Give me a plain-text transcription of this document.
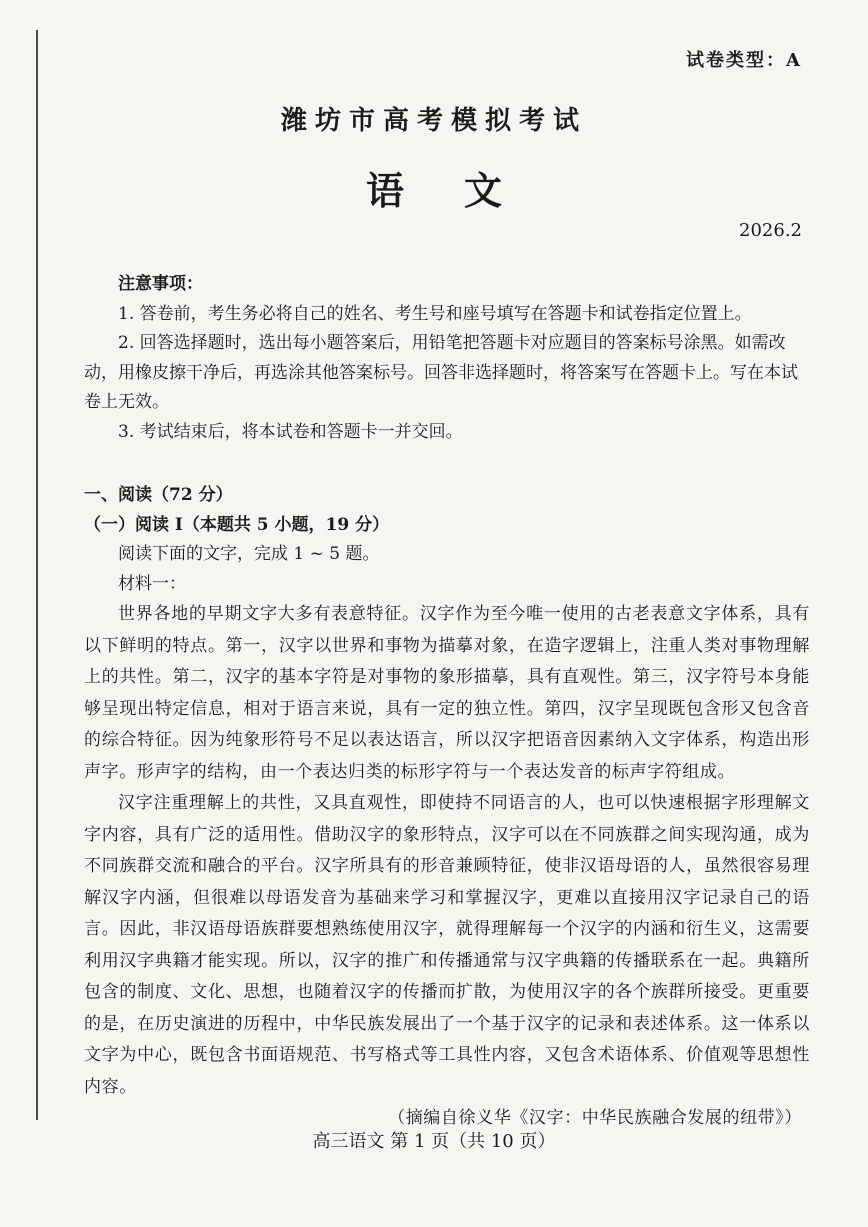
试卷类型：A
潍坊市高考模拟考试
语文
2026.2

注意事项：

1. 答卷前，考生务必将自己的姓名、考生号和座号填写在答题卡和试卷指定位置上。

2. 回答选择题时，选出每小题答案后，用铅笔把答题卡对应题目的答案标号涂黑。如需改动，用橡皮擦干净后，再选涂其他答案标号。回答非选择题时，将答案写在答题卡上。写在本试卷上无效。

3. 考试结束后，将本试卷和答题卡一并交回。

一、阅读（72 分）

（一）阅读 I（本题共 5 小题，19 分）

阅读下面的文字，完成 1 ~ 5 题。

材料一：

世界各地的早期文字大多有表意特征。汉字作为至今唯一使用的古老表意文字体系，具有以下鲜明的特点。第一，汉字以世界和事物为描摹对象，在造字逻辑上，注重人类对事物理解上的共性。第二，汉字的基本字符是对事物的象形描摹，具有直观性。第三，汉字符号本身能够呈现出特定信息，相对于语言来说，具有一定的独立性。第四，汉字呈现既包含形又包含音的综合特征。因为纯象形符号不足以表达语言，所以汉字把语音因素纳入文字体系，构造出形声字。形声字的结构，由一个表达归类的标形字符与一个表达发音的标声字符组成。

汉字注重理解上的共性，又具直观性，即使持不同语言的人，也可以快速根据字形理解文字内容，具有广泛的适用性。借助汉字的象形特点，汉字可以在不同族群之间实现沟通，成为不同族群交流和融合的平台。汉字所具有的形音兼顾特征，使非汉语母语的人，虽然很容易理解汉字内涵，但很难以母语发音为基础来学习和掌握汉字，更难以直接用汉字记录自己的语言。因此，非汉语母语族群要想熟练使用汉字，就得理解每一个汉字的内涵和衍生义，这需要利用汉字典籍才能实现。所以，汉字的推广和传播通常与汉字典籍的传播联系在一起。典籍所包含的制度、文化、思想，也随着汉字的传播而扩散，为使用汉字的各个族群所接受。更重要的是，在历史演进的历程中，中华民族发展出了一个基于汉字的记录和表述体系。这一体系以文字为中心，既包含书面语规范、书写格式等工具性内容，又包含术语体系、价值观等思想性内容。

（摘编自徐义华《汉字：中华民族融合发展的纽带》）

高三语文 第 1 页（共 10 页）
